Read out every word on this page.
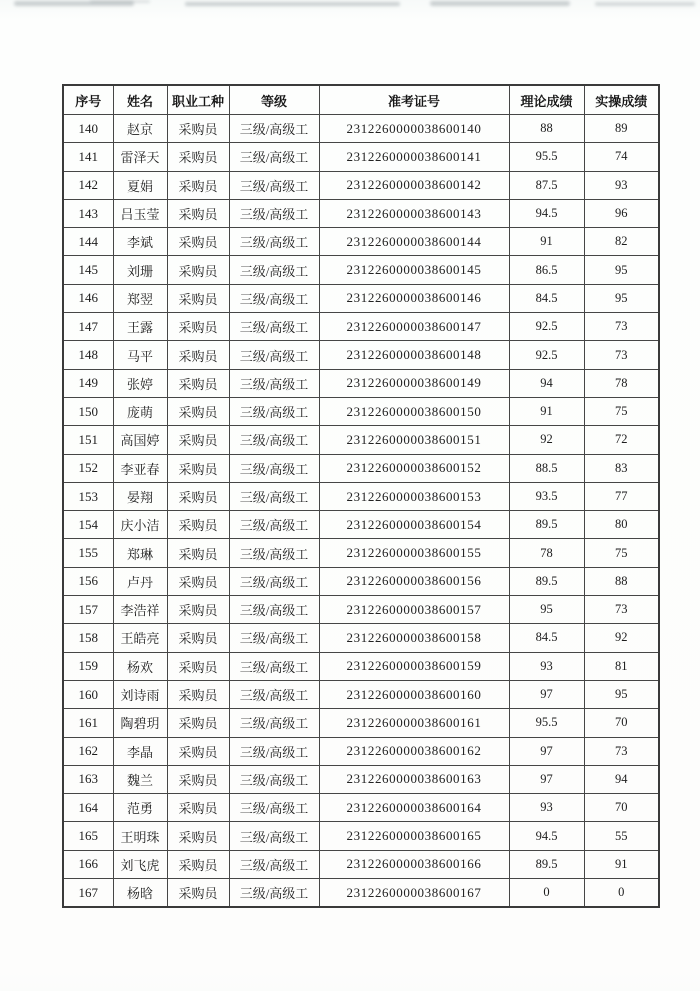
序号	姓名	职业工种	等级	准考证号	理论成绩	实操成绩
140	赵京	采购员	三级/高级工	2312260000038600140	88	89
141	雷泽天	采购员	三级/高级工	2312260000038600141	95.5	74
142	夏娟	采购员	三级/高级工	2312260000038600142	87.5	93
143	吕玉莹	采购员	三级/高级工	2312260000038600143	94.5	96
144	李斌	采购员	三级/高级工	2312260000038600144	91	82
145	刘珊	采购员	三级/高级工	2312260000038600145	86.5	95
146	郑翌	采购员	三级/高级工	2312260000038600146	84.5	95
147	王露	采购员	三级/高级工	2312260000038600147	92.5	73
148	马平	采购员	三级/高级工	2312260000038600148	92.5	73
149	张婷	采购员	三级/高级工	2312260000038600149	94	78
150	庞萌	采购员	三级/高级工	2312260000038600150	91	75
151	高国婷	采购员	三级/高级工	2312260000038600151	92	72
152	李亚春	采购员	三级/高级工	2312260000038600152	88.5	83
153	晏翔	采购员	三级/高级工	2312260000038600153	93.5	77
154	庆小洁	采购员	三级/高级工	2312260000038600154	89.5	80
155	郑琳	采购员	三级/高级工	2312260000038600155	78	75
156	卢丹	采购员	三级/高级工	2312260000038600156	89.5	88
157	李浩祥	采购员	三级/高级工	2312260000038600157	95	73
158	王皓亮	采购员	三级/高级工	2312260000038600158	84.5	92
159	杨欢	采购员	三级/高级工	2312260000038600159	93	81
160	刘诗雨	采购员	三级/高级工	2312260000038600160	97	95
161	陶碧玥	采购员	三级/高级工	2312260000038600161	95.5	70
162	李晶	采购员	三级/高级工	2312260000038600162	97	73
163	魏兰	采购员	三级/高级工	2312260000038600163	97	94
164	范勇	采购员	三级/高级工	2312260000038600164	93	70
165	王明珠	采购员	三级/高级工	2312260000038600165	94.5	55
166	刘飞虎	采购员	三级/高级工	2312260000038600166	89.5	91
167	杨晗	采购员	三级/高级工	2312260000038600167	0	0
